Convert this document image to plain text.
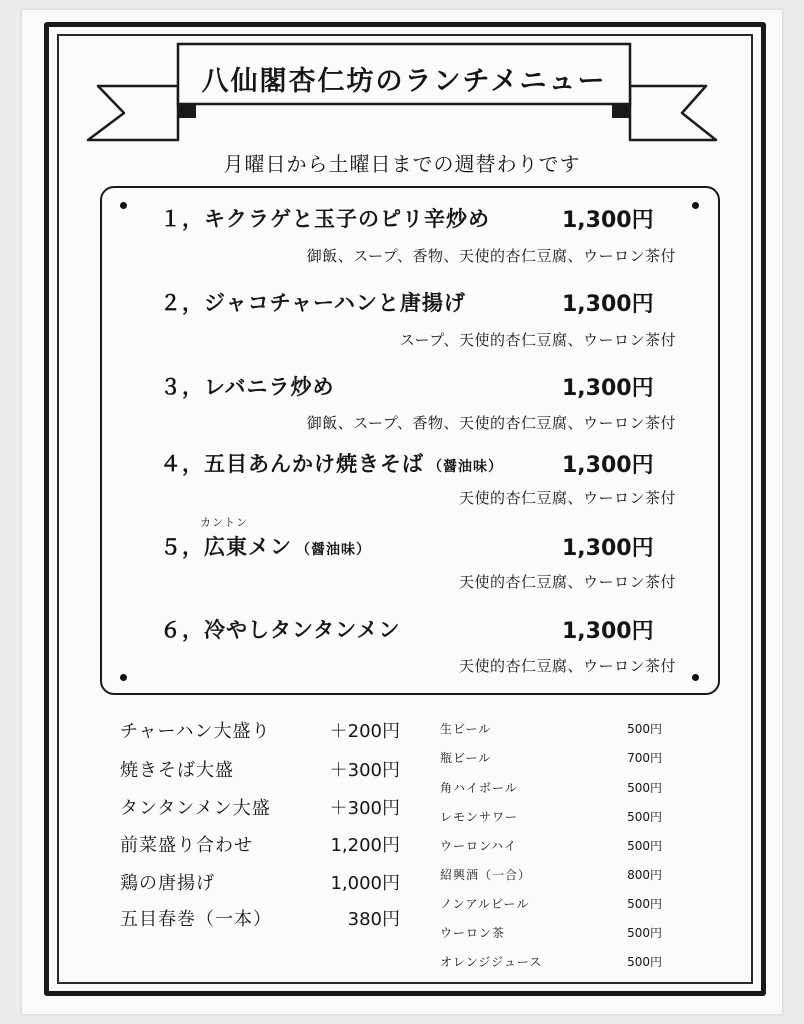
八仙閣杏仁坊のランチメニュー
月曜日から土曜日までの週替わりです
１，キクラゲと玉子のピリ辛炒め	1,300円
御飯、スープ、香物、天使的杏仁豆腐、ウーロン茶付
２，ジャコチャーハンと唐揚げ	1,300円
スープ、天使的杏仁豆腐、ウーロン茶付
３，レバニラ炒め	1,300円
御飯、スープ、香物、天使的杏仁豆腐、ウーロン茶付
４，五目あんかけ焼きそば （醤油味）	1,300円
天使的杏仁豆腐、ウーロン茶付
カントン
５，広東メン （醤油味）	1,300円
天使的杏仁豆腐、ウーロン茶付
６，冷やしタンタンメン	1,300円
天使的杏仁豆腐、ウーロン茶付
チャーハン大盛り	＋200円
焼きそば大盛	＋300円
タンタンメン大盛	＋300円
前菜盛り合わせ	1,200円
鶏の唐揚げ	1,000円
五目春巻（一本）	380円
生ビール	500円
瓶ビール	700円
角ハイボール	500円
レモンサワー	500円
ウーロンハイ	500円
紹興酒（一合）	800円
ノンアルビール	500円
ウーロン茶	500円
オレンジジュース	500円
